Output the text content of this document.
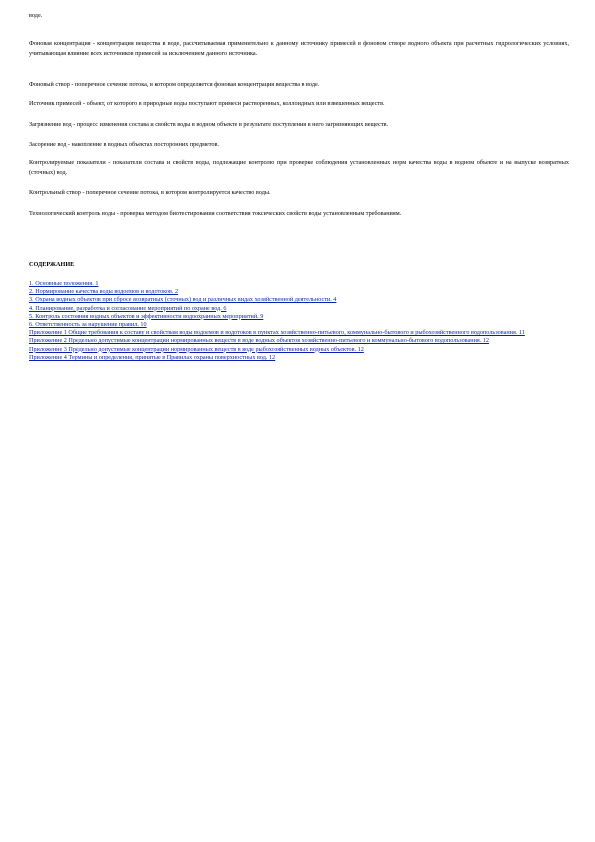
воде.
Фоновая концентрация - концентрация вещества в воде, рассчитываемая применительно к данному источнику примесей в фоновом створе водного объекта при расчетных гидрологических условиях, учитывающая влияние всех источников примесей за исключением данного источника.
Фоновый створ - поперечное сечение потока, в котором определяется фоновая концентрация вещества в воде.
Источник примесей - объект, от которого в природные воды поступают примеси растворенных, коллоидных или взвешенных веществ.
Загрязнение вод - процесс изменения состава и свойств воды в водном объекте в результате поступления в него загрязняющих веществ.
Засорение вод - накопление в водных объектах посторонних предметов.
Контролируемые показатели - показатели состава и свойств воды, подлежащие контролю при проверке соблюдения установленных норм качества воды в водном объекте и на выпуске возвратных (сточных) вод.
Контрольный створ - поперечное сечение потока, в котором контролируется качество воды.
Технологический контроль воды - проверка методом биотестирования соответствия токсических свойств воды установленным требованиям.
СОДЕРЖАНИЕ
1. Основные положения. 1
2. Нормирование качества воды водоемов и водотоков. 2
3. Охрана водных объектов при сбросе возвратных (сточных) вод и различных видах хозяйственной деятельности. 4
4. Планирование, разработка и согласование мероприятий по охране вод. 6
5. Контроль состояния водных объектов и эффективности водоохранных мероприятий. 9
6. Ответственность за нарушение правил. 10
Приложение 1 Общие требования к составу и свойствам воды водоемов и водотоков в пунктах хозяйственно-питьевого, коммунально-бытового и рыбохозяйственного водопользования. 11
Приложение 2 Предельно допустимые концентрации нормированных веществ в воде водных объектов хозяйственно-питьевого и коммунально-бытового водопользования. 12
Приложение 3 Предельно допустимые концентрации нормированных веществ в воде рыбохозяйственных водных объектов. 12
Приложение 4 Термины и определения, принятые в Правилах охраны поверхностных вод. 12
